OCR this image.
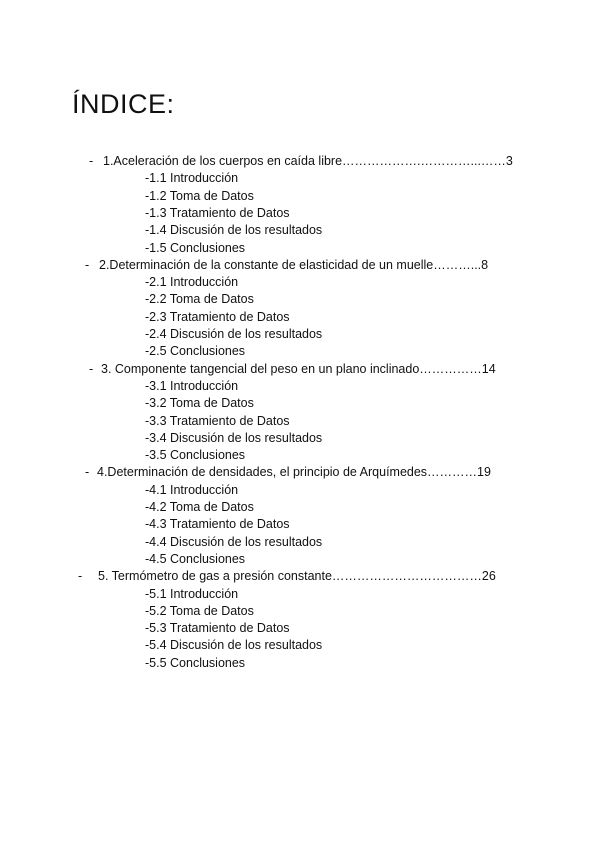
ÍNDICE:
- 1.Aceleración de los cuerpos en caída libre……………….…………...……3
-1.1 Introducción
-1.2 Toma de Datos
-1.3 Tratamiento de Datos
-1.4 Discusión de los resultados
-1.5 Conclusiones
- 2.Determinación de la constante de elasticidad de un muelle………...8
-2.1 Introducción
-2.2 Toma de Datos
-2.3 Tratamiento de Datos
-2.4 Discusión de los resultados
-2.5 Conclusiones
- 3. Componente tangencial del peso en un plano inclinado……………14
-3.1 Introducción
-3.2 Toma de Datos
-3.3 Tratamiento de Datos
-3.4 Discusión de los resultados
-3.5 Conclusiones
- 4.Determinación de densidades, el principio de Arquímedes…………19
-4.1 Introducción
-4.2 Toma de Datos
-4.3 Tratamiento de Datos
-4.4 Discusión de los resultados
-4.5 Conclusiones
- 5. Termómetro de gas a presión constante………………………………26
-5.1 Introducción
-5.2 Toma de Datos
-5.3 Tratamiento de Datos
-5.4 Discusión de los resultados
-5.5 Conclusiones
